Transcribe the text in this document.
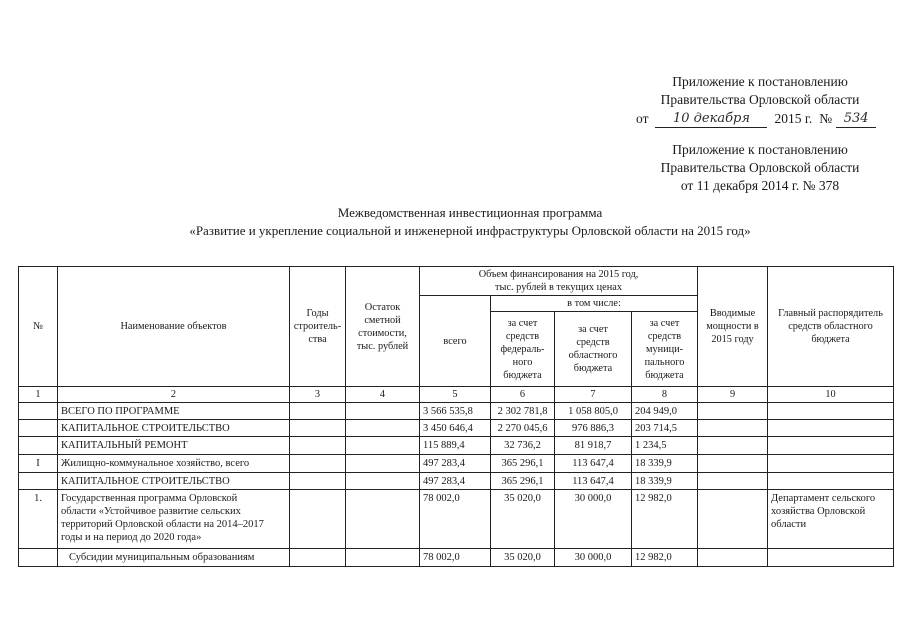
Приложение к постановлению
Правительства Орловской области
от	10 декабря	2015 г. № 534
Приложение к постановлению
Правительства Орловской области
от 11 декабря 2014 г. № 378
Межведомственная инвестиционная программа
«Развитие и укрепление социальной и инженерной инфраструктуры Орловской области на 2015 год»
№	Наименование объектов	Годы
строитель-
ства	Остаток
сметной
стоимости,
тыс. рублей	Объем финансирования на 2015 год,
тыс. рублей в текущих ценах				Вводимые
мощности в
2015 году	Главный распорядитель
средств областного
бюджета
				всего	в том числе:				
					за счет
средств
федераль-
ного
бюджета	за счет
средств
областного
бюджета	за счет
средств
муници-
пального
бюджета		
1	2	3	4	5	6	7	8	9	10
	ВСЕГО ПО ПРОГРАММЕ			3 566 535,8	2 302 781,8	1 058 805,0	204 949,0		
	КАПИТАЛЬНОЕ СТРОИТЕЛЬСТВО			3 450 646,4	2 270 045,6	976 886,3	203 714,5		
	КАПИТАЛЬНЫЙ РЕМОНТ			115 889,4	32 736,2	81 918,7	1 234,5		
I	Жилищно-коммунальное хозяйство, всего			497 283,4	365 296,1	113 647,4	18 339,9		
	КАПИТАЛЬНОЕ СТРОИТЕЛЬСТВО			497 283,4	365 296,1	113 647,4	18 339,9		
1.	Государственная программа Орловской
области «Устойчивое развитие сельских
территорий Орловской области на 2014–2017
годы и на период до 2020 года»			78 002,0	35 020,0	30 000,0	12 982,0		Департамент сельского
хозяйства Орловской
области
	Субсидии муниципальным образованиям			78 002,0	35 020,0	30 000,0	12 982,0		
